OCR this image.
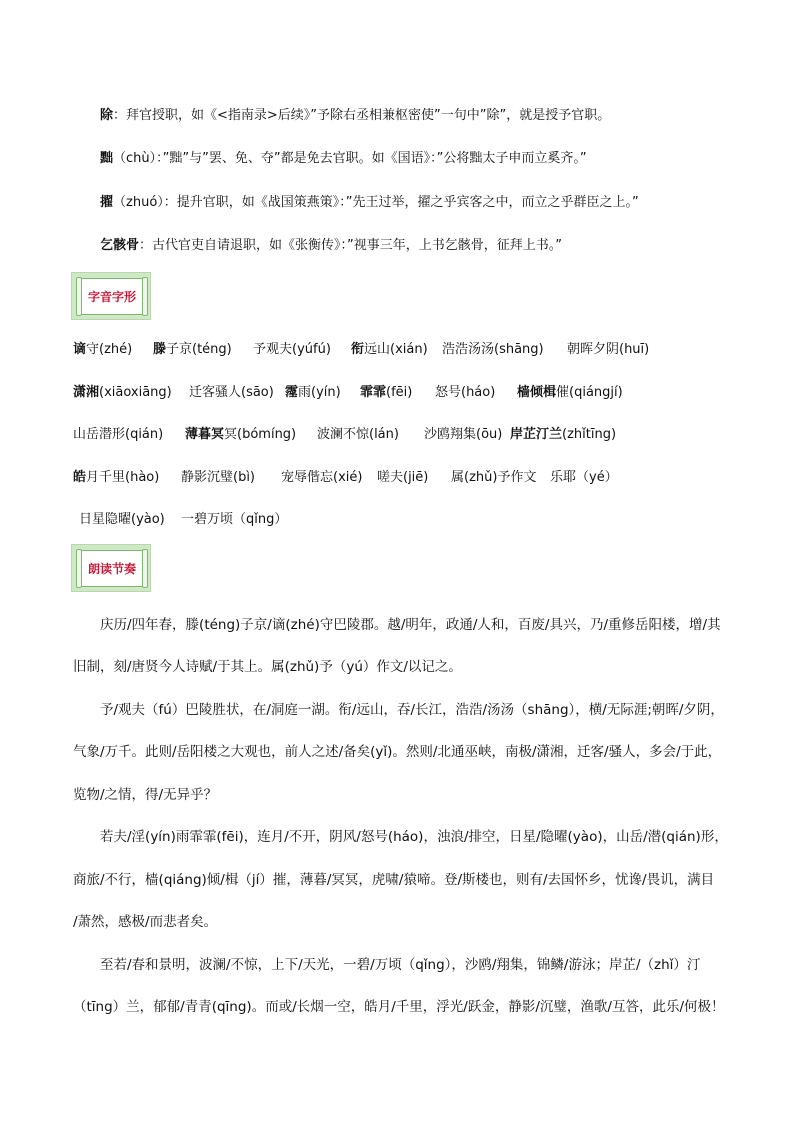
除：拜官授职，如《<指南录>后续》”予除右丞相兼枢密使”一句中”除”，就是授予官职。
黜（chù）：”黜”与”罢、免、夺”都是免去官职。如《国语》：”公将黜太子申而立奚齐。”
擢（zhuó）：提升官职，如《战国策燕策》：”先王过举，擢之乎宾客之中，而立之乎群臣之上。”
乞骸骨：古代官吏自请退职，如《张衡传》：”视事三年，上书乞骸骨，征拜上书。”
字音字形
谪守(zhé) 滕子京(téng) 予观夫(yúfú) 衔远山(xián) 浩浩汤汤(shāng) 朝晖夕阴(huī)
潇湘(xiāoxiāng) 迁客骚人(sāo) 霪雨(yín) 霏霏(fēi) 怒号(háo) 樯倾楫催(qiángjí)
山岳潜形(qián) 薄暮冥冥(bómíng) 波澜不惊(lán) 沙鸥翔集(ōu) 岸芷汀兰(zhǐtīng)
皓月千里(hào) 静影沉璧(bì) 宠辱偕忘(xié) 嗟夫(jiē) 属(zhǔ)予作文 乐耶（yé）
日星隐曜(yào) 一碧万顷（qǐng）
朗读节奏
庆历/四年春，滕(téng)子京/谪(zhé)守巴陵郡。越/明年，政通/人和，百废/具兴，乃/重修岳阳楼，增/其
旧制，刻/唐贤今人诗赋/于其上。属(zhǔ)予（yú）作文/以记之。
予/观夫（fú）巴陵胜状，在/洞庭一湖。衔/远山，吞/长江，浩浩/汤汤（shāng），横/无际涯;朝晖/夕阴，
气象/万千。此则/岳阳楼之大观也，前人之述/备矣(yǐ)。然则/北通巫峡，南极/潇湘，迁客/骚人，多会/于此，
览物/之情，得/无异乎？
若夫/淫(yín)雨霏霏(fēi)，连月/不开，阴风/怒号(háo)，浊浪/排空，日星/隐曜(yào)，山岳/潜(qián)形，
商旅/不行，樯(qiáng)倾/楫（jí）摧，薄暮/冥冥，虎啸/猿啼。登/斯楼也，则有/去国怀乡，忧谗/畏讥，满目
/萧然，感极/而悲者矣。
至若/春和景明，波澜/不惊，上下/天光，一碧/万顷（qǐng），沙鸥/翔集，锦鳞/游泳；岸芷/（zhǐ）汀
（tīng）兰，郁郁/青青(qīng)。而或/长烟一空，皓月/千里，浮光/跃金，静影/沉璧，渔歌/互答，此乐/何极！
